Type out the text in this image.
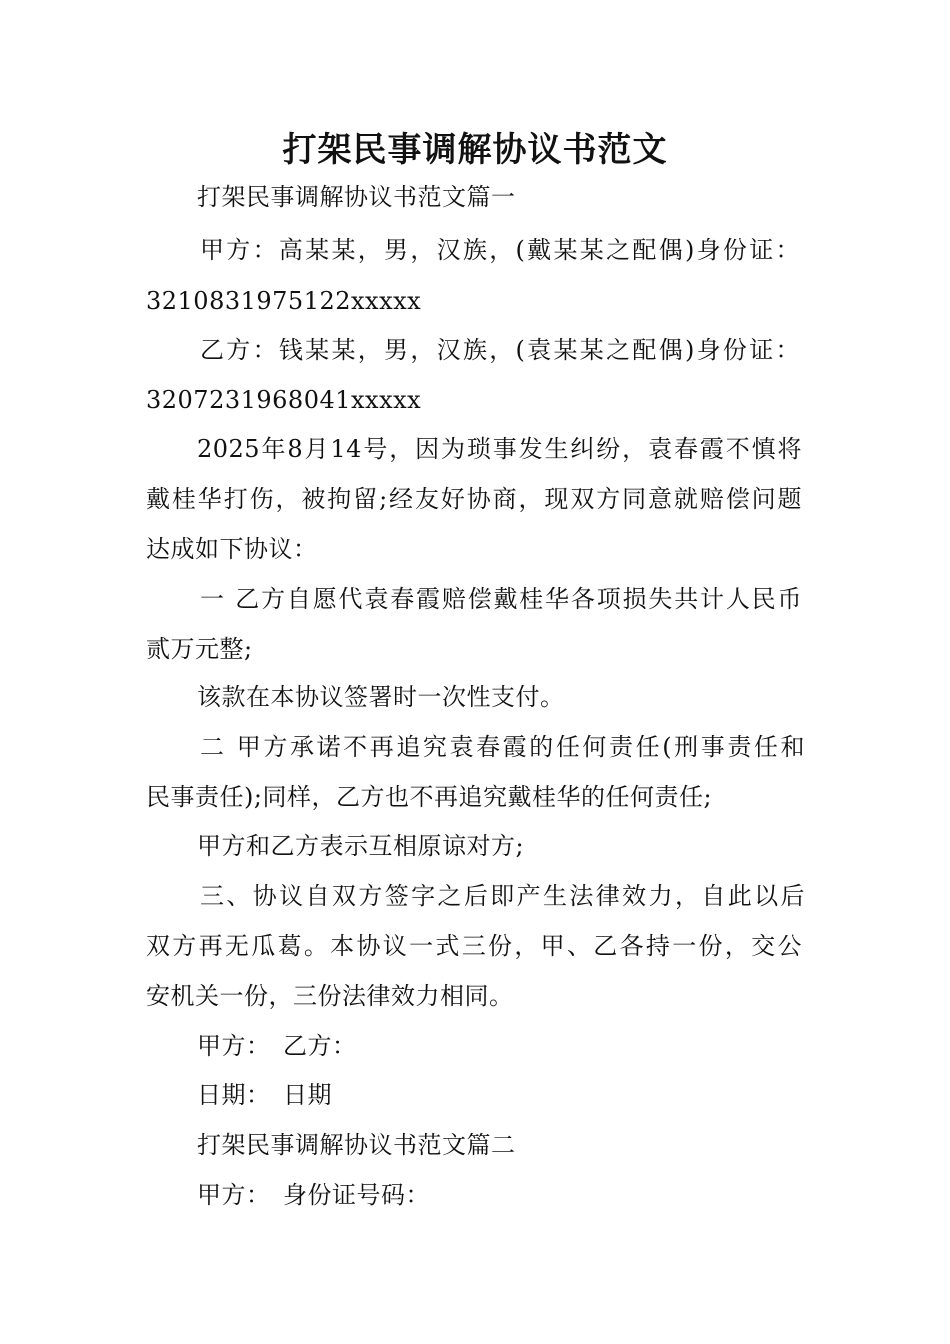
打架民事调解协议书范文
打架民事调解协议书范文篇一
甲方：高某某，男，汉族，(戴某某之配偶)身份证：
3210831975122xxxxx
乙方：钱某某，男，汉族，(袁某某之配偶)身份证：
3207231968041xxxxx
2025年8月14号，因为琐事发生纠纷，袁春霞不慎将
戴桂华打伤，被拘留;经友好协商，现双方同意就赔偿问题
达成如下协议：
一 乙方自愿代袁春霞赔偿戴桂华各项损失共计人民币
贰万元整;
该款在本协议签署时一次性支付。
二 甲方承诺不再追究袁春霞的任何责任(刑事责任和
民事责任);同样，乙方也不再追究戴桂华的任何责任;
甲方和乙方表示互相原谅对方;
三、协议自双方签字之后即产生法律效力，自此以后
双方再无瓜葛。本协议一式三份，甲、乙各持一份，交公
安机关一份，三份法律效力相同。
甲方：　乙方：
日期：　日期
打架民事调解协议书范文篇二
甲方：　身份证号码：
